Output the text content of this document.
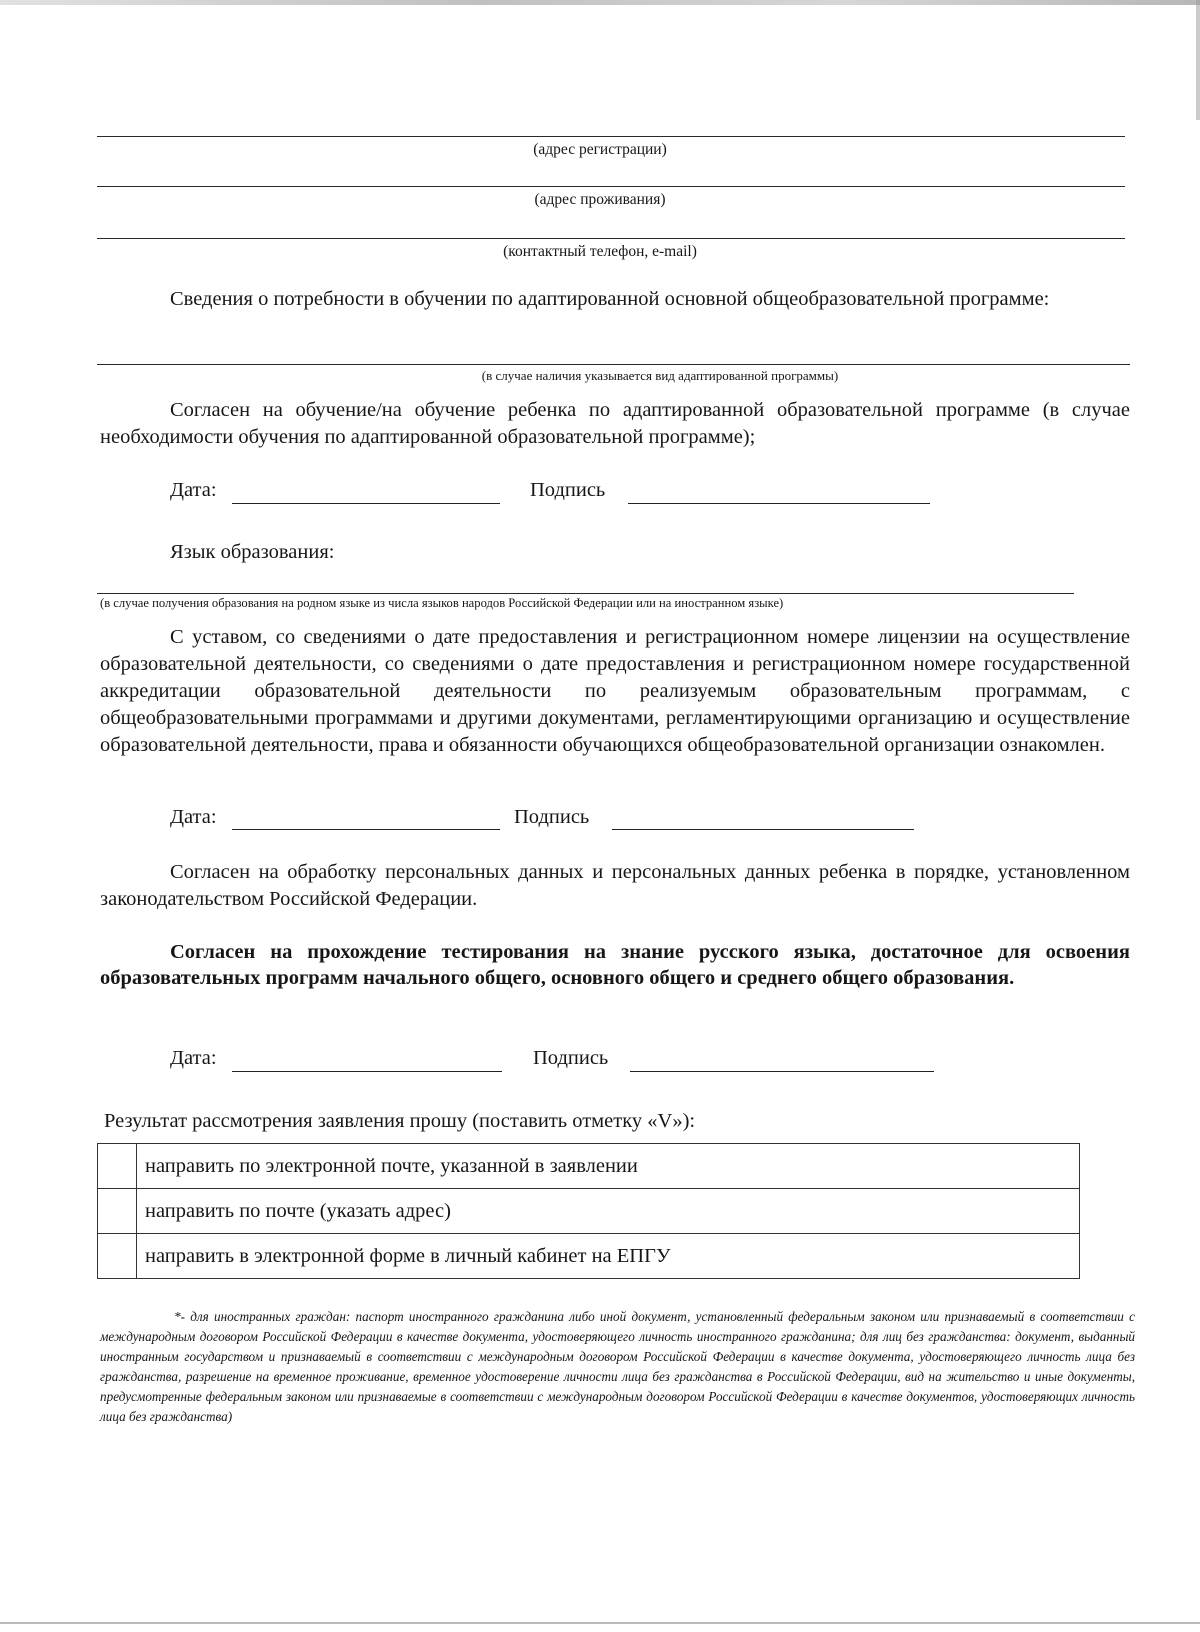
(адрес регистрации)
(адрес проживания)
(контактный телефон, e-mail)
Сведения о потребности в обучении по адаптированной основной общеобразовательной программе:
(в случае наличия указывается вид адаптированной программы)
Согласен на обучение/на обучение ребенка по адаптированной образовательной программе (в случае необходимости обучения по адаптированной образовательной программе);
Дата:	Подпись
Язык образования:
(в случае получения образования на родном языке из числа языков народов Российской Федерации или на иностранном языке)
С уставом, со сведениями о дате предоставления и регистрационном номере лицензии на осуществление образовательной деятельности, со сведениями о дате предоставления и регистрационном номере государственной аккредитации образовательной деятельности по реализуемым образовательным программам, с общеобразовательными программами и другими документами, регламентирующими организацию и осуществление образовательной деятельности, права и обязанности обучающихся общеобразовательной организации ознакомлен.
Дата:	Подпись
Согласен на обработку персональных данных и персональных данных ребенка в порядке, установленном законодательством Российской Федерации.
Согласен на прохождение тестирования на знание русского языка, достаточное для освоения образовательных программ начального общего, основного общего и среднего общего образования.
Дата:	Подпись
Результат рассмотрения заявления прошу (поставить отметку «V»):
	направить по электронной почте, указанной в заявлении
	направить по почте (указать адрес)
	направить в электронной форме в личный кабинет на ЕПГУ
*- для иностранных граждан: паспорт иностранного гражданина либо иной документ, установленный федеральным законом или признаваемый в соответствии с международным договором Российской Федерации в качестве документа, удостоверяющего личность иностранного гражданина; для лиц без гражданства: документ, выданный иностранным государством и признаваемый в соответствии с международным договором Российской Федерации в качестве документа, удостоверяющего личность лица без гражданства, разрешение на временное проживание, временное удостоверение личности лица без гражданства в Российской Федерации, вид на жительство и иные документы, предусмотренные федеральным законом или признаваемые в соответствии с международным договором Российской Федерации в качестве документов, удостоверяющих личность лица без гражданства)
